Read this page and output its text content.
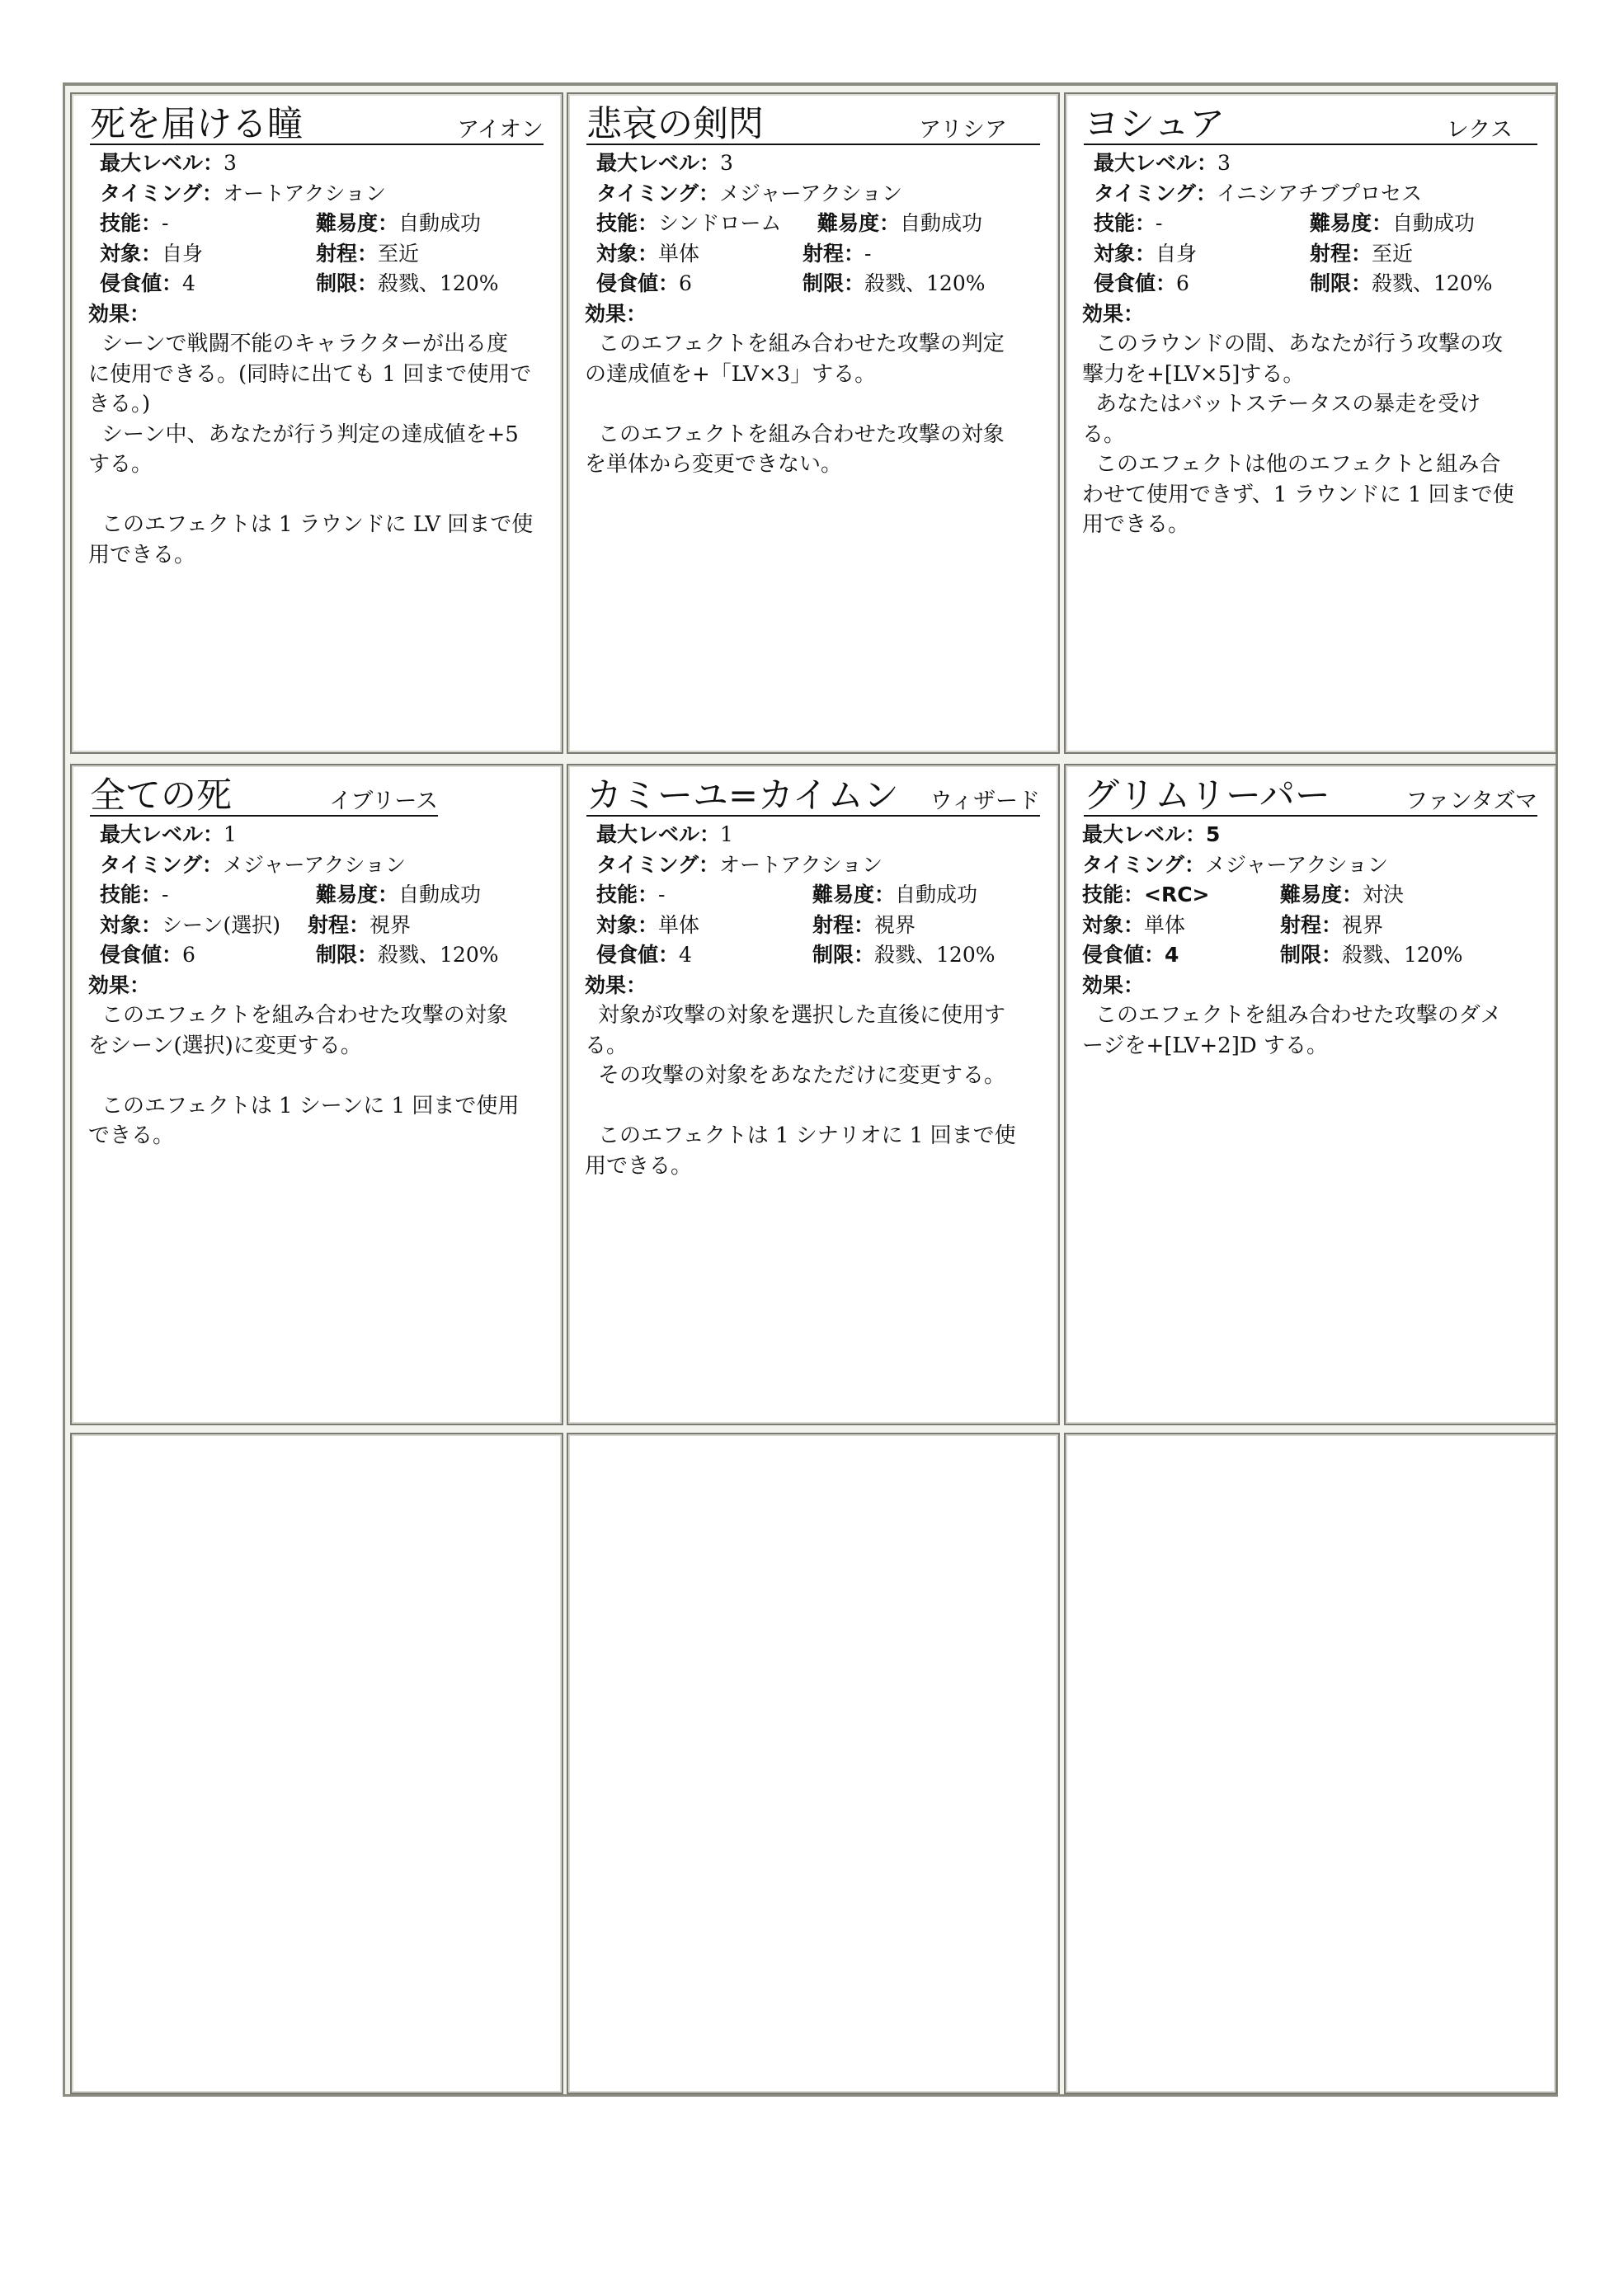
死を届ける瞳	アイオン
最大レベル：3
タイミング：オートアクション
技能：-	難易度：自動成功
対象：自身	射程：至近
侵食値：4	制限：殺戮、120%
効果：

シーンで戦闘不能のキャラクターが出る度

に使用できる。(同時に出ても 1 回まで使用で

きる。)

シーン中、あなたが行う判定の達成値を+5

する。

このエフェクトは 1 ラウンドに LV 回まで使

用できる。

悲哀の剣閃	アリシア
最大レベル：3
タイミング：メジャーアクション
技能：シンドローム 難易度：自動成功
対象：単体	射程：-
侵食値：6	制限：殺戮、120%
効果：

このエフェクトを組み合わせた攻撃の判定

の達成値を+「LV×3」する。

このエフェクトを組み合わせた攻撃の対象

を単体から変更できない。

ヨシュア	レクス
最大レベル：3
タイミング：イニシアチブプロセス
技能：-	難易度：自動成功
対象：自身	射程：至近
侵食値：6	制限：殺戮、120%
効果：

このラウンドの間、あなたが行う攻撃の攻

撃力を+[LV×5]する。

あなたはバットステータスの暴走を受け

る。

このエフェクトは他のエフェクトと組み合

わせて使用できず、1 ラウンドに 1 回まで使

用できる。

全ての死	イブリース
最大レベル：1
タイミング：メジャーアクション
技能：-	難易度：自動成功
対象：シーン(選択) 射程：視界
侵食値：6	制限：殺戮、120%
効果：

このエフェクトを組み合わせた攻撃の対象

をシーン(選択)に変更する。

このエフェクトは 1 シーンに 1 回まで使用

できる。

カミーユ=カイムン ウィザード
最大レベル：1
タイミング：オートアクション
技能：-	難易度：自動成功
対象：単体	射程：視界
侵食値：4	制限：殺戮、120%
効果：

対象が攻撃の対象を選択した直後に使用す

る。

その攻撃の対象をあなただけに変更する。

このエフェクトは 1 シナリオに 1 回まで使

用できる。

グリムリーパー	ファンタズマ
最大レベル：5
タイミング：メジャーアクション
技能：<RC>	難易度：対決
対象：単体	射程：視界
侵食値：4	制限：殺戮、120%
効果：

このエフェクトを組み合わせた攻撃のダメ

ージを+[LV+2]D する。
